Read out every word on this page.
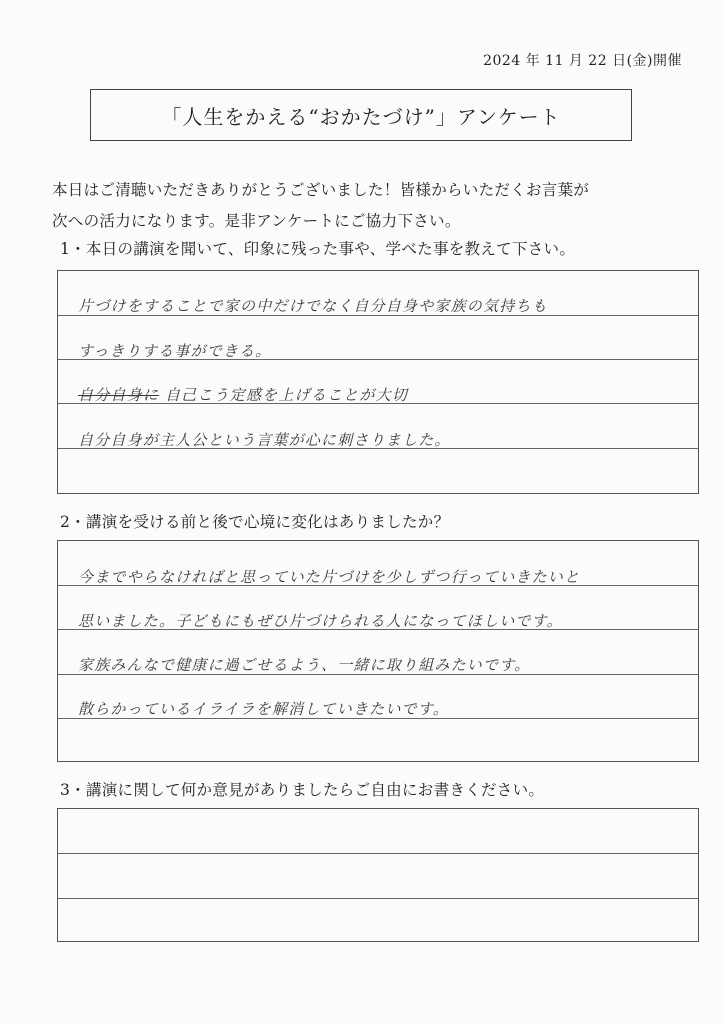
2024 年 11 月 22 日(金)開催
「人生をかえる“おかたづけ”」アンケート
本日はご清聴いただきありがとうございました！皆様からいただくお言葉が
次への活力になります。是非アンケートにご協力下さい。
1・本日の講演を聞いて、印象に残った事や、学べた事を教えて下さい。
片づけをすることで家の中だけでなく自分自身や家族の気持ちも
すっきりする事ができる。
自分自身に 自己こう定感を上げることが大切
自分自身が主人公という言葉が心に刺さりました。
2・講演を受ける前と後で心境に変化はありましたか？
今までやらなければと思っていた片づけを少しずつ行っていきたいと
思いました。子どもにもぜひ片づけられる人になってほしいです。
家族みんなで健康に過ごせるよう、一緒に取り組みたいです。
散らかっているイライラを解消していきたいです。
3・講演に関して何か意見がありましたらご自由にお書きください。
